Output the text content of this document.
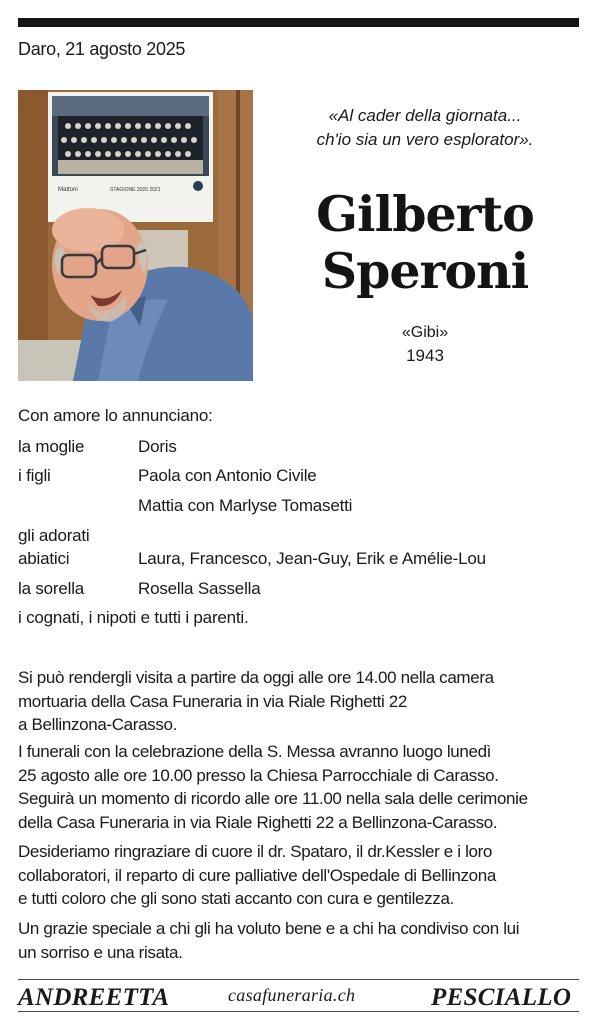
Daro, 21 agosto 2025
Mattoni	STAGIONE 2020 2021
«Al cader della giornata...
ch'io sia un vero esplorator».
Gilberto
Speroni
«Gibi»
1943
Con amore lo annunciano:
la moglie	Doris
i figli	Paola con Antonio Civile
Mattia con Marlyse Tomasetti
gli adorati
abiatici	Laura, Francesco, Jean-Guy, Erik e Amélie-Lou
la sorella	Rosella Sassella
i cognati, i nipoti e tutti i parenti.
Si può rendergli visita a partire da oggi alle ore 14.00 nella camera
mortuaria della Casa Funeraria in via Riale Righetti 22
a Bellinzona-Carasso.
I funerali con la celebrazione della S. Messa avranno luogo lunedì
25 agosto alle ore 10.00 presso la Chiesa Parrocchiale di Carasso.
Seguirà un momento di ricordo alle ore 11.00 nella sala delle cerimonie
della Casa Funeraria in via Riale Righetti 22 a Bellinzona-Carasso.
Desideriamo ringraziare di cuore il dr. Spataro, il dr.Kessler e i loro
collaboratori, il reparto di cure palliative dell'Ospedale di Bellinzona
e tutti coloro che gli sono stati accanto con cura e gentilezza.
Un grazie speciale a chi gli ha voluto bene e a chi ha condiviso con lui
un sorriso e una risata.
ANDREETTA	casafuneraria.ch	PESCIALLO
